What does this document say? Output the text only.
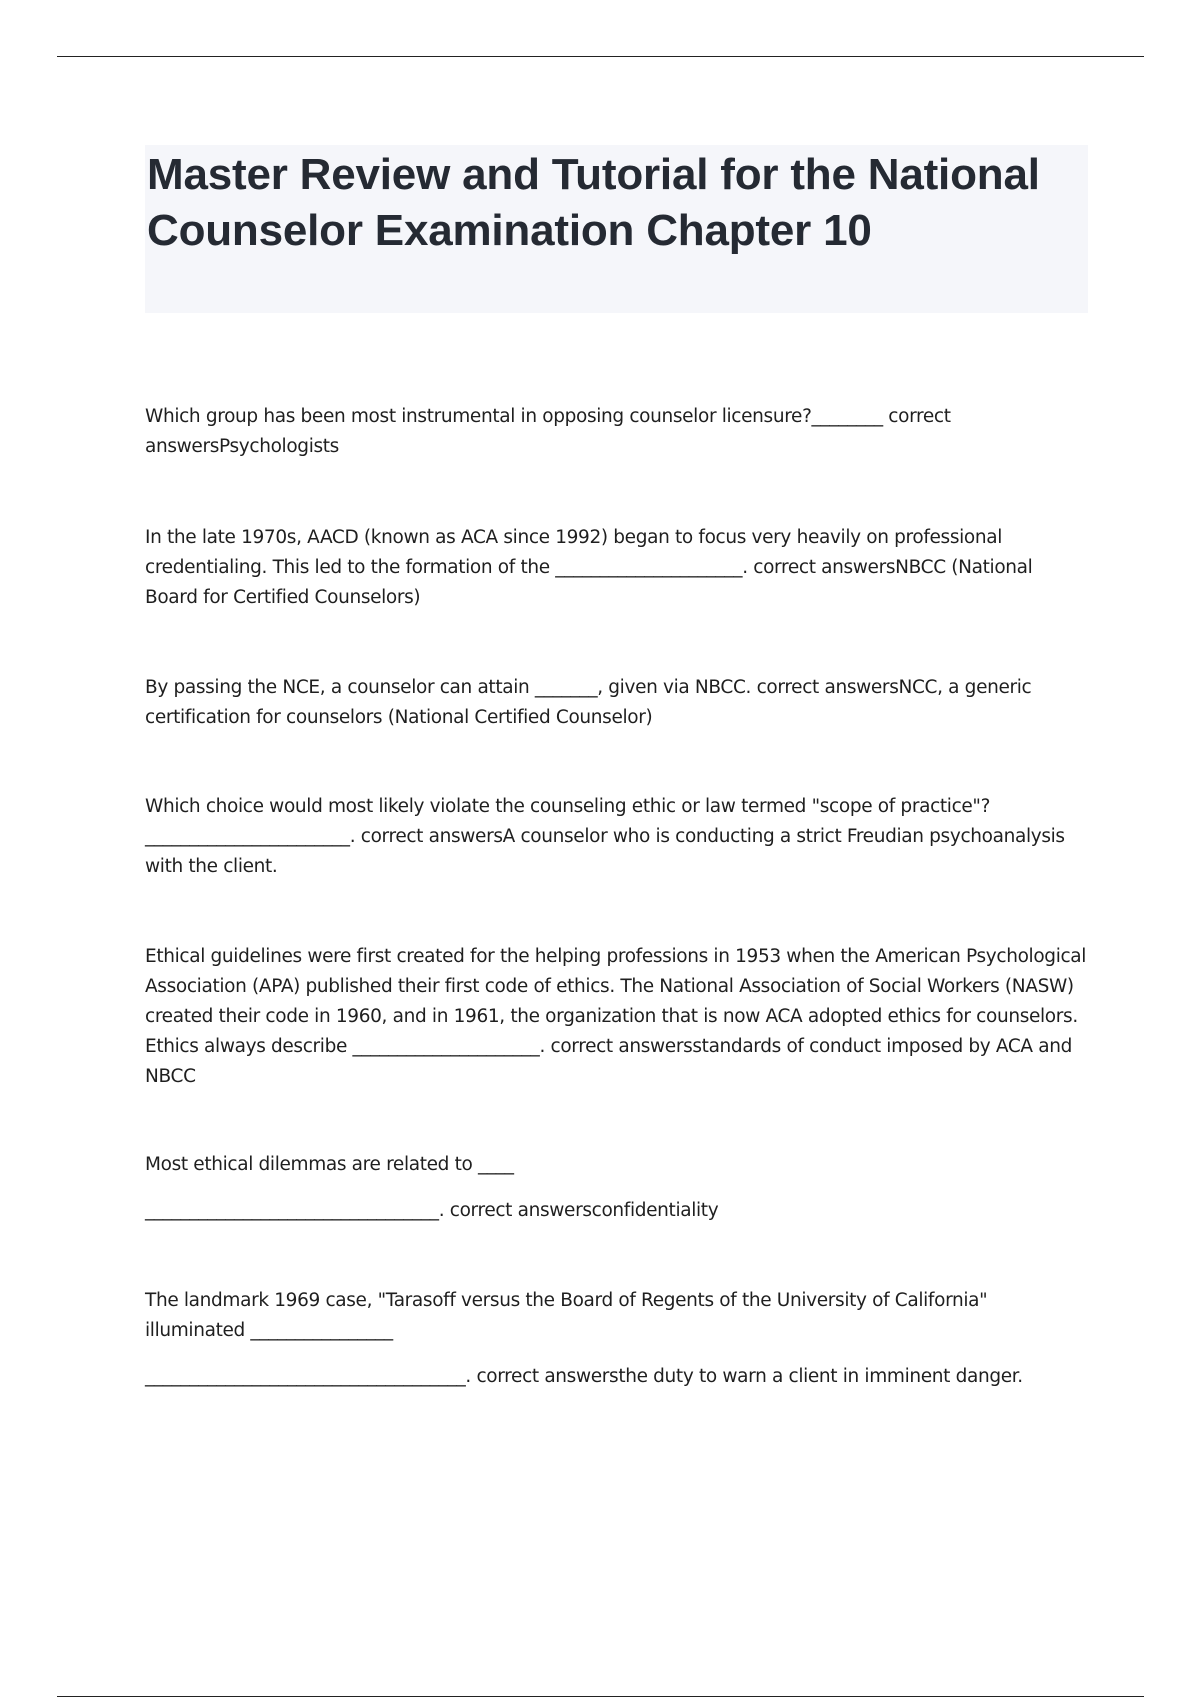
Master Review and Tutorial for the National Counselor Examination Chapter 10

Which group has been most instrumental in opposing counselor licensure?________ correct answersPsychologists

In the late 1970s, AACD (known as ACA since 1992) began to focus very heavily on professional credentialing. This led to the formation of the _____________________. correct answersNBCC (National Board for Certified Counselors)

By passing the NCE, a counselor can attain _______, given via NBCC. correct answersNCC, a generic certification for counselors (National Certified Counselor)

Which choice would most likely violate the counseling ethic or law termed "scope of practice"? _______________________. correct answersA counselor who is conducting a strict Freudian psychoanalysis with the client.

Ethical guidelines were first created for the helping professions in 1953 when the American Psychological Association (APA) published their first code of ethics. The National Association of Social Workers (NASW) created their code in 1960, and in 1961, the organization that is now ACA adopted ethics for counselors. Ethics always describe _____________________. correct answersstandards of conduct imposed by ACA and NBCC

Most ethical dilemmas are related to ____

_________________________________. correct answersconfidentiality

The landmark 1969 case, "Tarasoff versus the Board of Regents of the University of California" illuminated ________________

____________________________________. correct answersthe duty to warn a client in imminent danger.
